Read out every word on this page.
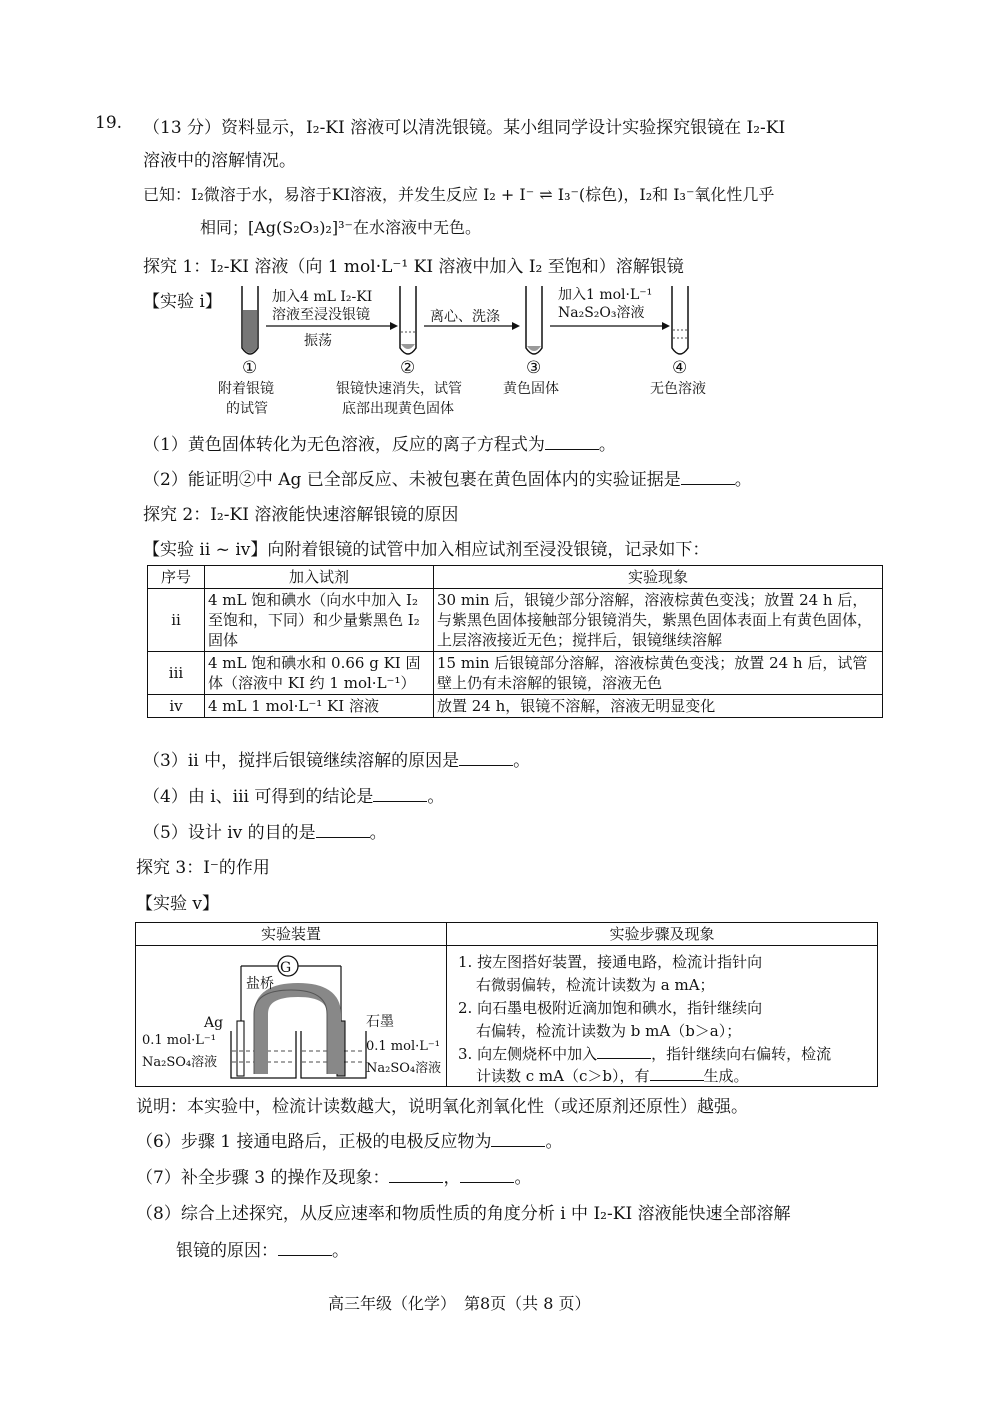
19. （13 分）资料显示，I₂-KI 溶液可以清洗银镜。某小组同学设计实验探究银镜在 I₂-KI
溶液中的溶解情况。
已知：I₂微溶于水，易溶于KI溶液，并发生反应 I₂ + I⁻ ⇌ I₃⁻(棕色)，I₂和 I₃⁻氧化性几乎
相同；[Ag(S₂O₃)₂]³⁻在水溶液中无色。
探究 1：I₂-KI 溶液（向 1 mol·L⁻¹ KI 溶液中加入 I₂ 至饱和）溶解银镜
【实验 i】	加入4 mL I₂-KI
溶液至浸没银镜
振荡
离心、洗涤
加入1 mol·L⁻¹
Na₂S₂O₃溶液
①
附着银镜
的试管
②
银镜快速消失，试管
底部出现黄色固体
③
黄色固体
④
无色溶液
（1）黄色固体转化为无色溶液，反应的离子方程式为	。
（2）能证明②中 Ag 已全部反应、未被包裹在黄色固体内的实验证据是	。
探究 2：I₂-KI 溶液能快速溶解银镜的原因
【实验 ii ~ iv】向附着银镜的试管中加入相应试剂至浸没银镜，记录如下：
序号	加入试剂	实验现象
ii	4 mL 饱和碘水（向水中加入 I₂ 至饱和，下同）和少量紫黑色 I₂ 固体	30 min 后，银镜少部分溶解，溶液棕黄色变浅；放置 24 h 后，与紫黑色固体接触部分银镜消失，紫黑色固体表面上有黄色固体，上层溶液接近无色；搅拌后，银镜继续溶解
iii	4 mL 饱和碘水和 0.66 g KI 固体（溶液中 KI 约 1 mol·L⁻¹）	15 min 后银镜部分溶解，溶液棕黄色变浅；放置 24 h 后，试管壁上仍有未溶解的银镜，溶液无色
iv	4 mL 1 mol·L⁻¹ KI 溶液	放置 24 h，银镜不溶解，溶液无明显变化
（3）ii 中，搅拌后银镜继续溶解的原因是	。
（4）由 i、iii 可得到的结论是	。
（5）设计 iv 的目的是	。
探究 3：I⁻的作用
【实验 v】
实验装置	实验步骤及现象
G
盐桥
Ag	石墨
0.1 mol·L⁻¹
Na₂SO₄溶液
0.1 mol·L⁻¹
Na₂SO₄溶液
1. 按左图搭好装置，接通电路，检流计指针向
右微弱偏转，检流计读数为 a mA；
2. 向石墨电极附近滴加饱和碘水，指针继续向
右偏转，检流计读数为 b mA（b＞a）；
3. 向左侧烧杯中加入	，指针继续向右偏转，检流
计读数 c mA（c＞b），有	生成。
说明：本实验中，检流计读数越大，说明氧化剂氧化性（或还原剂还原性）越强。
（6）步骤 1 接通电路后，正极的电极反应物为	。
（7）补全步骤 3 的操作及现象：	，	。
（8）综合上述探究，从反应速率和物质性质的角度分析 i 中 I₂-KI 溶液能快速全部溶解
银镜的原因：	。
高三年级（化学）　第8页（共 8 页）
